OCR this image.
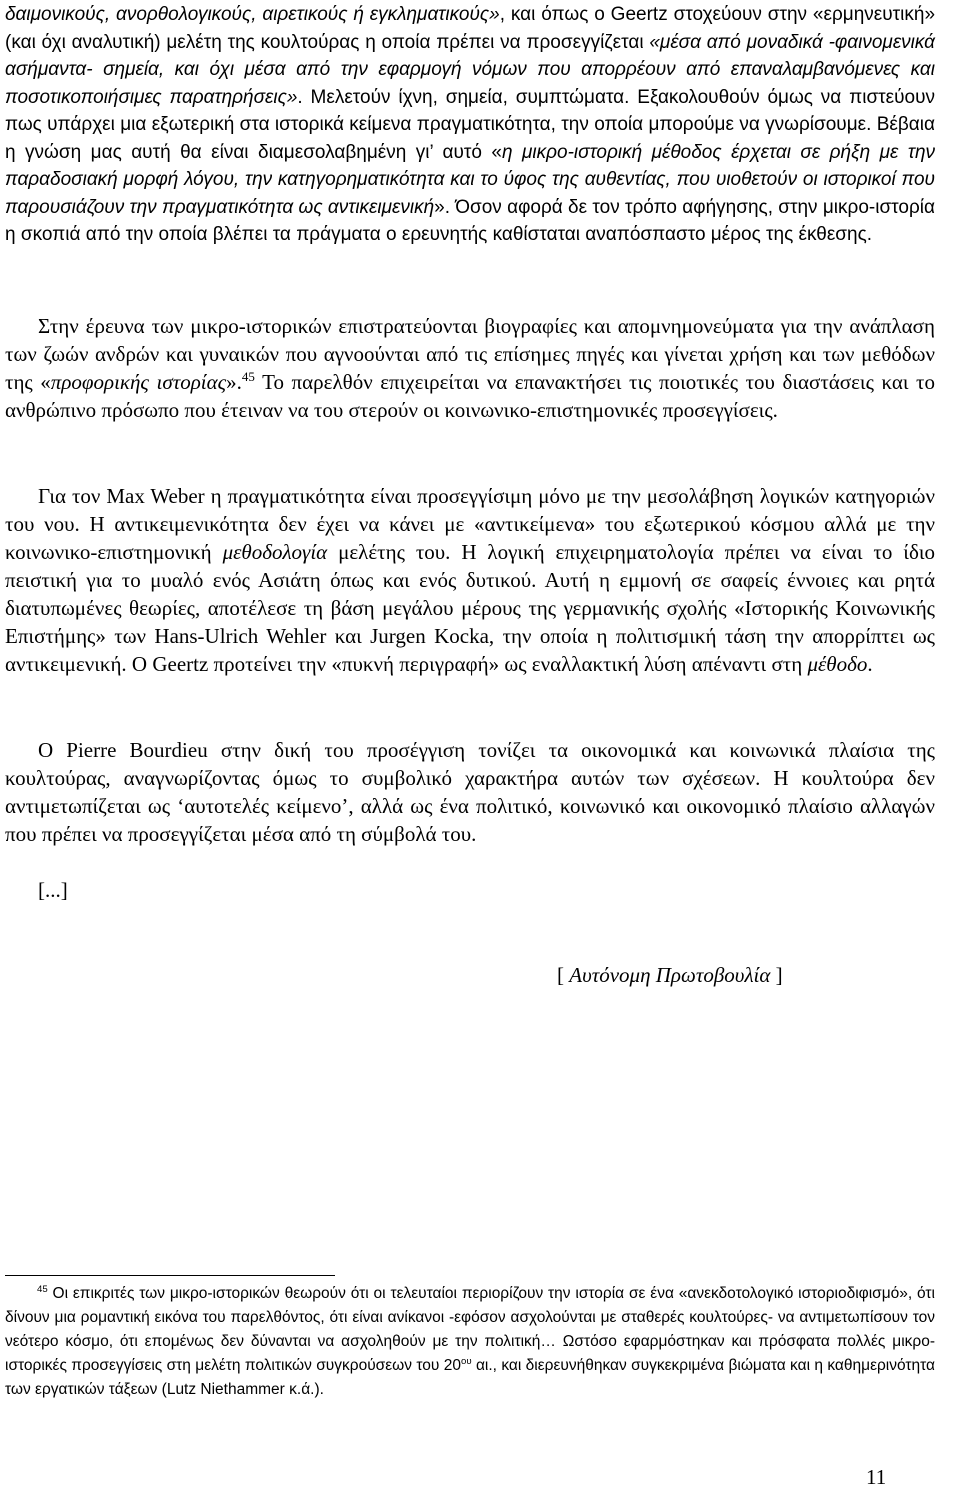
δαιμονικούς, ανορθολογικούς, αιρετικούς ή εγκληματικούς», και όπως ο Geertz στοχεύουν στην «ερμηνευτική» (και όχι αναλυτική) μελέτη της κουλτούρας η οποία πρέπει να προσεγγίζεται «μέσα από μοναδικά -φαινομενικά ασήμαντα- σημεία, και όχι μέσα από την εφαρμογή νόμων που απορρέουν από επαναλαμβανόμενες και ποσοτικοποιήσιμες παρατηρήσεις». Μελετούν ίχνη, σημεία, συμπτώματα. Εξακολουθούν όμως να πιστεύουν πως υπάρχει μια εξωτερική στα ιστορικά κείμενα πραγματικότητα, την οποία μπορούμε να γνωρίσουμε. Βέβαια η γνώση μας αυτή θα είναι διαμεσολαβημένη γι’ αυτό «η μικρο-ιστορική μέθοδος έρχεται σε ρήξη με την παραδοσιακή μορφή λόγου, την κατηγορηματικότητα και το ύφος της αυθεντίας, που υιοθετούν οι ιστορικοί που παρουσιάζουν την πραγματικότητα ως αντικειμενική». Όσον αφορά δε τον τρόπο αφήγησης, στην μικρο-ιστορία η σκοπιά από την οποία βλέπει τα πράγματα ο ερευνητής καθίσταται αναπόσπαστο μέρος της έκθεσης.

Στην έρευνα των μικρο-ιστορικών επιστρατεύονται βιογραφίες και απομνημονεύματα για την ανάπλαση των ζωών ανδρών και γυναικών που αγνοούνται από τις επίσημες πηγές και γίνεται χρήση και των μεθόδων της «προφορικής ιστορίας».$^{45}$ Το παρελθόν επιχειρείται να επανακτήσει τις ποιοτικές του διαστάσεις και το ανθρώπινο πρόσωπο που έτειναν να του στερούν οι κοινωνικο-επιστημονικές προσεγγίσεις.

Για τον Max Weber η πραγματικότητα είναι προσεγγίσιμη μόνο με την μεσολάβηση λογικών κατηγοριών του νου. Η αντικειμενικότητα δεν έχει να κάνει με «αντικείμενα» του εξωτερικού κόσμου αλλά με την κοινωνικο-επιστημονική μεθοδολογία μελέτης του. Η λογική επιχειρηματολογία πρέπει να είναι το ίδιο πειστική για το μυαλό ενός Ασιάτη όπως και ενός δυτικού. Αυτή η εμμονή σε σαφείς έννοιες και ρητά διατυπωμένες θεωρίες, αποτέλεσε τη βάση μεγάλου μέρους της γερμανικής σχολής «Ιστορικής Κοινωνικής Επιστήμης» των Hans-Ulrich Wehler και Jurgen Kocka, την οποία η πολιτισμική τάση την απορρίπτει ως αντικειμενική. Ο Geertz προτείνει την «πυκνή περιγραφή» ως εναλλακτική λύση απέναντι στη μέθοδο.

Ο Pierre Bourdieu στην δική του προσέγγιση τονίζει τα οικονομικά και κοινωνικά πλαίσια της κουλτούρας, αναγνωρίζοντας όμως το συμβολικό χαρακτήρα αυτών των σχέσεων. Η κουλτούρα δεν αντιμετωπίζεται ως ‘αυτοτελές κείμενο’, αλλά ως ένα πολιτικό, κοινωνικό και οικονομικό πλαίσιο αλλαγών που πρέπει να προσεγγίζεται μέσα από τη σύμβολά του.

[...]
[ Αυτόνομη Πρωτοβουλία ]

$^{45}$ Οι επικριτές των μικρο-ιστορικών θεωρούν ότι οι τελευταίοι περιορίζουν την ιστορία σε ένα «ανεκδοτολογικό ιστοριοδιφισμό», ότι δίνουν μια ρομαντική εικόνα του παρελθόντος, ότι είναι ανίκανοι -εφόσον ασχολούνται με σταθερές κουλτούρες- να αντιμετωπίσουν τον νεότερο κόσμο, ότι επομένως δεν δύνανται να ασχοληθούν με την πολιτική… Ωστόσο εφαρμόστηκαν και πρόσφατα πολλές μικρο-ιστορικές προσεγγίσεις στη μελέτη πολιτικών συγκρούσεων του $20^{o\upsilon}$ αι., και διερευνήθηκαν συγκεκριμένα βιώματα και η καθημερινότητα των εργατικών τάξεων (Lutz Niethammer κ.ά.).

11
